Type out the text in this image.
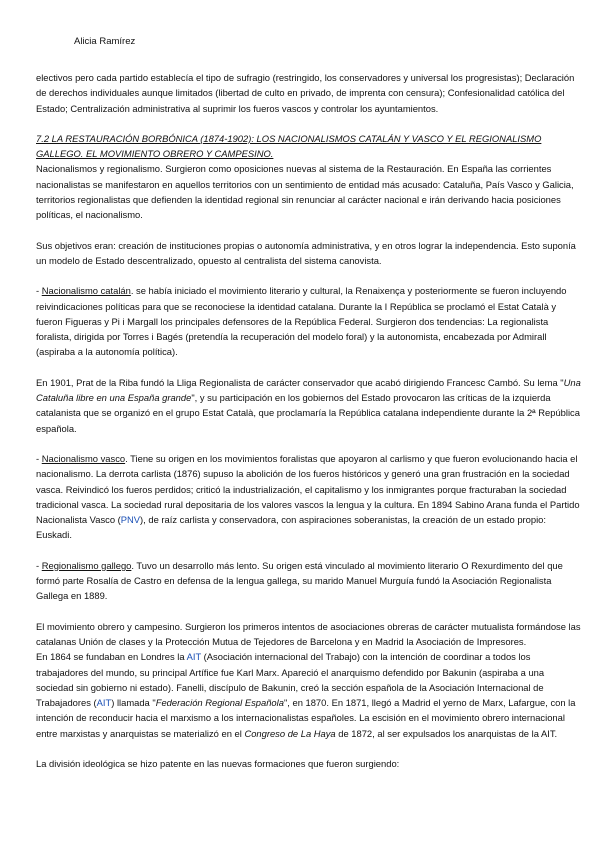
Alicia Ramírez

electivos pero cada partido establecía el tipo de sufragio (restringido, los conservadores y universal los progresistas); Declaración de derechos individuales aunque limitados (libertad de culto en privado, de imprenta con censura); Confesionalidad católica del Estado; Centralización administrativa al suprimir los fueros vascos y controlar los ayuntamientos.

7.2 LA RESTAURACIÓN BORBÓNICA (1874-1902): LOS NACIONALISMOS CATALÁN Y VASCO Y EL REGIONALISMO GALLEGO. EL MOVIMIENTO OBRERO Y CAMPESINO.

Nacionalismos y regionalismo. Surgieron como oposiciones nuevas al sistema de la Restauración. En España las corrientes nacionalistas se manifestaron en aquellos territorios con un sentimiento de entidad más acusado: Cataluña, País Vasco y Galicia, territorios regionalistas que defienden la identidad regional sin renunciar al carácter nacional e irán derivando hacia posiciones políticas, el nacionalismo.

Sus objetivos eran: creación de instituciones propias o autonomía administrativa, y en otros lograr la independencia. Esto suponía un modelo de Estado descentralizado, opuesto al centralista del sistema canovista.

- Nacionalismo catalán. se había iniciado el movimiento literario y cultural, la Renaixença y posteriormente se fueron incluyendo reivindicaciones políticas para que se reconociese la identidad catalana. Durante la I República se proclamó el Estat Català y fueron Figueras y Pi i Margall los principales defensores de la República Federal. Surgieron dos tendencias: La regionalista foralista, dirigida por Torres i Bagés (pretendía la recuperación del modelo foral) y la autonomista, encabezada por Admirall (aspiraba a la autonomía política).

En 1901, Prat de la Riba fundó la Lliga Regionalista de carácter conservador que acabó dirigiendo Francesc Cambó. Su lema "Una Cataluña libre en una España grande", y su participación en los gobiernos del Estado provocaron las críticas de la izquierda catalanista que se organizó en el grupo Estat Català, que proclamaría la República catalana independiente durante la 2ª República española.

- Nacionalismo vasco. Tiene su origen en los movimientos foralistas que apoyaron al carlismo y que fueron evolucionando hacia el nacionalismo. La derrota carlista (1876) supuso la abolición de los fueros históricos y generó una gran frustración en la sociedad vasca. Reivindicó los fueros perdidos; criticó la industrialización, el capitalismo y los inmigrantes porque fracturaban la sociedad tradicional vasca. La sociedad rural depositaria de los valores vascos la lengua y la cultura. En 1894 Sabino Arana funda el Partido Nacionalista Vasco (PNV), de raíz carlista y conservadora, con aspiraciones soberanistas, la creación de un estado propio: Euskadi.

- Regionalismo gallego. Tuvo un desarrollo más lento. Su origen está vinculado al movimiento literario O Rexurdimento del que formó parte Rosalía de Castro en defensa de la lengua gallega, su marido Manuel Murguía fundó la Asociación Regionalista Gallega en 1889.

El movimiento obrero y campesino. Surgieron los primeros intentos de asociaciones obreras de carácter mutualista formándose las catalanas Unión de clases y la Protección Mutua de Tejedores de Barcelona y en Madrid la Asociación de Impresores.

En 1864 se fundaban en Londres la AIT (Asociación internacional del Trabajo) con la intención de coordinar a todos los trabajadores del mundo, su principal Artífice fue Karl Marx. Apareció el anarquismo defendido por Bakunin (aspiraba a una sociedad sin gobierno ni estado). Fanelli, discípulo de Bakunin, creó la sección española de la Asociación Internacional de Trabajadores (AIT) llamada "Federación Regional Española", en 1870. En 1871, llegó a Madrid el yerno de Marx, Lafargue, con la intención de reconducir hacia el marxismo a los internacionalistas españoles. La escisión en el movimiento obrero internacional entre marxistas y anarquistas se materializó en el Congreso de La Haya de 1872, al ser expulsados los anarquistas de la AIT.

La división ideológica se hizo patente en las nuevas formaciones que fueron surgiendo:
